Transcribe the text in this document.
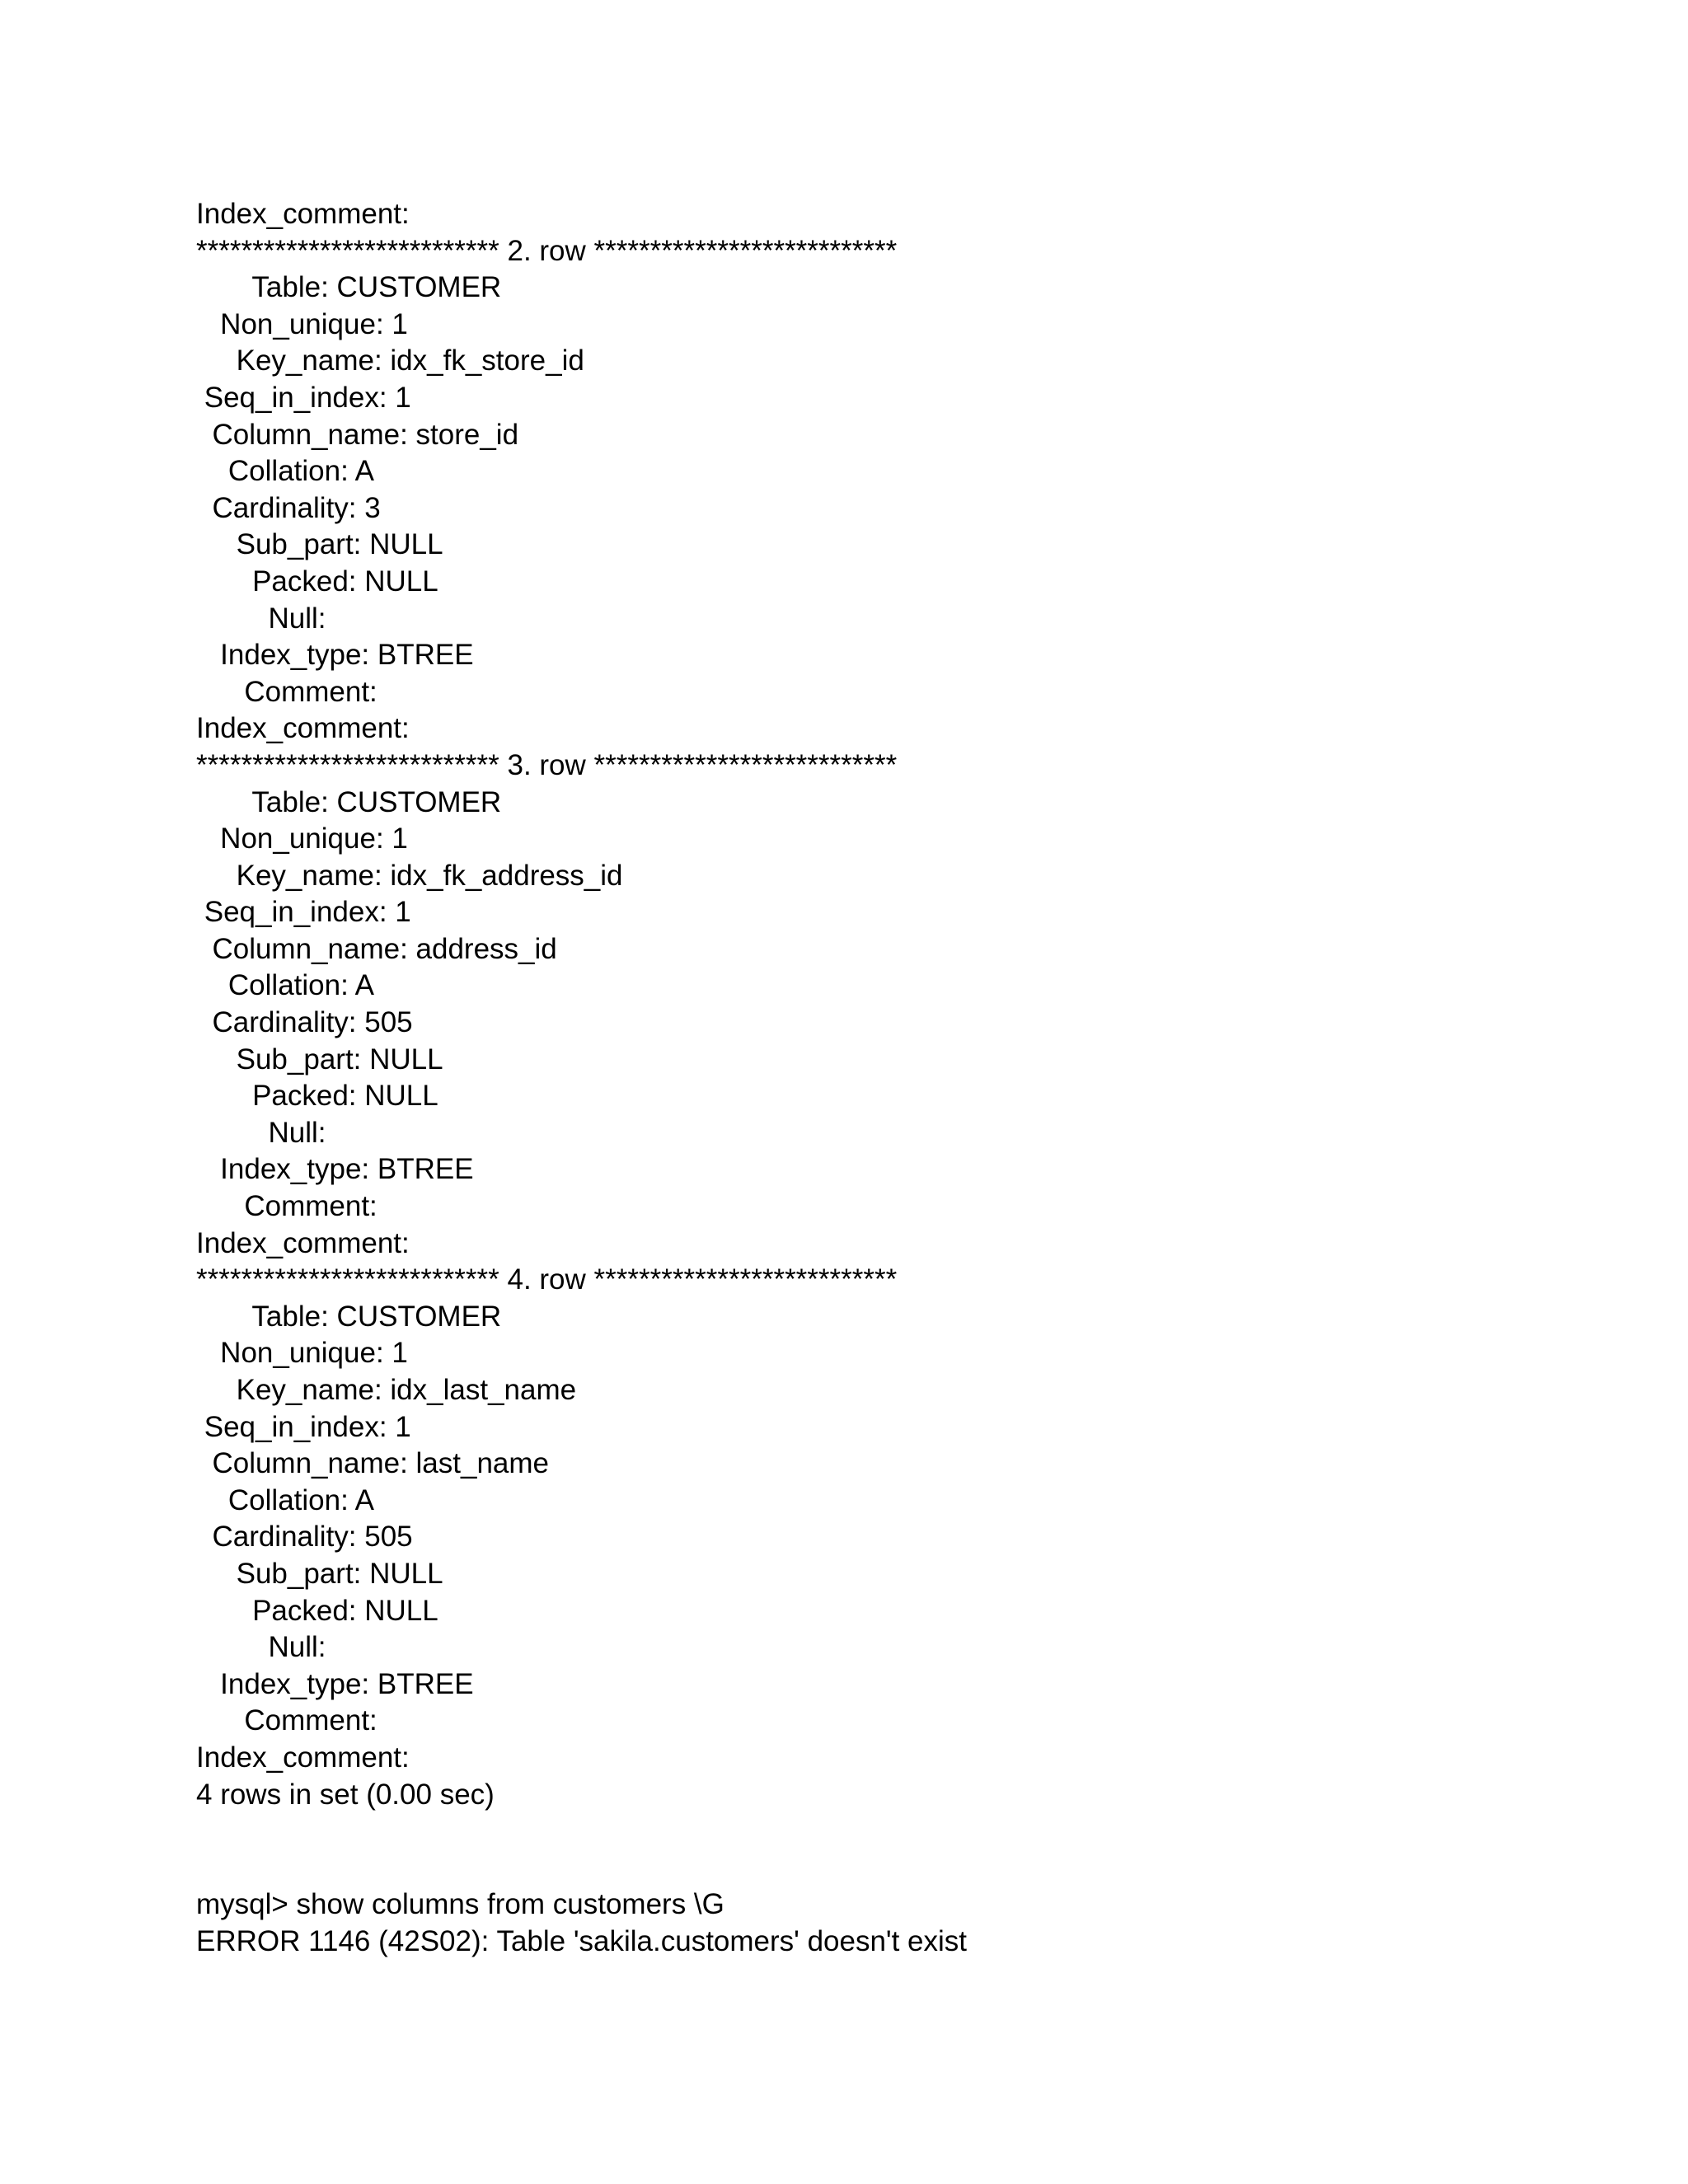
Index_comment:
*************************** 2. row ***************************
Table: CUSTOMER
Non_unique: 1
Key_name: idx_fk_store_id
Seq_in_index: 1
Column_name: store_id
Collation: A
Cardinality: 3
Sub_part: NULL
Packed: NULL
Null:
Index_type: BTREE
Comment:
Index_comment:
*************************** 3. row ***************************
Table: CUSTOMER
Non_unique: 1
Key_name: idx_fk_address_id
Seq_in_index: 1
Column_name: address_id
Collation: A
Cardinality: 505
Sub_part: NULL
Packed: NULL
Null:
Index_type: BTREE
Comment:
Index_comment:
*************************** 4. row ***************************
Table: CUSTOMER
Non_unique: 1
Key_name: idx_last_name
Seq_in_index: 1
Column_name: last_name
Collation: A
Cardinality: 505
Sub_part: NULL
Packed: NULL
Null:
Index_type: BTREE
Comment:
Index_comment:
4 rows in set (0.00 sec)
mysql> show columns from customers \G
ERROR 1146 (42S02): Table 'sakila.customers' doesn't exist
